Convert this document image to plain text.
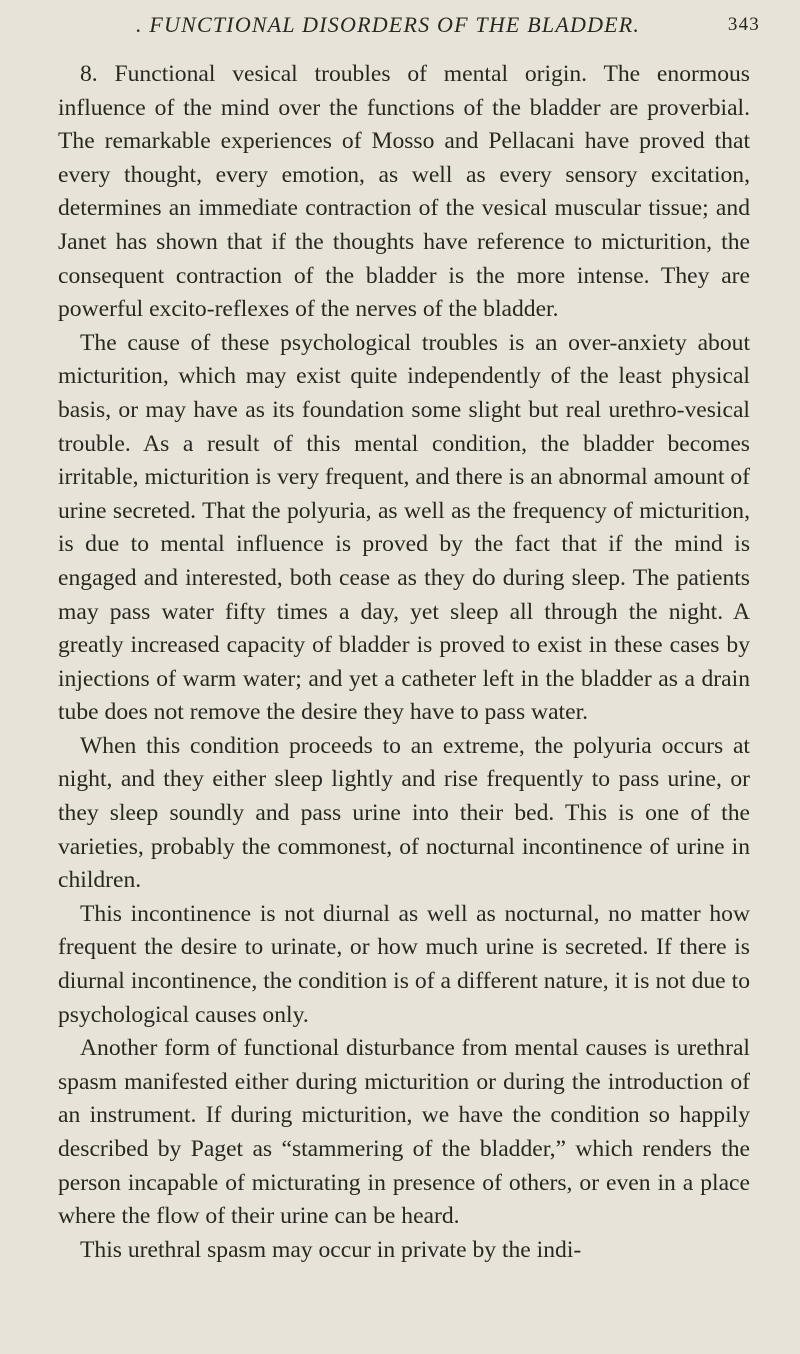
. FUNCTIONAL DISORDERS OF THE BLADDER.	343

8. Functional vesical troubles of mental origin. The enormous influence of the mind over the functions of the bladder are proverbial. The remarkable experiences of Mosso and Pellacani have proved that every thought, every emotion, as well as every sensory excitation, determines an immediate contraction of the vesical muscular tissue; and Janet has shown that if the thoughts have reference to micturition, the consequent contraction of the bladder is the more intense. They are powerful excito-reflexes of the nerves of the bladder.

The cause of these psychological troubles is an over-anxiety about micturition, which may exist quite independently of the least physical basis, or may have as its foundation some slight but real urethro-vesical trouble. As a result of this mental condition, the bladder becomes irritable, micturition is very frequent, and there is an abnormal amount of urine secreted. That the polyuria, as well as the frequency of micturition, is due to mental influence is proved by the fact that if the mind is engaged and interested, both cease as they do during sleep. The patients may pass water fifty times a day, yet sleep all through the night. A greatly increased capacity of bladder is proved to exist in these cases by injections of warm water; and yet a catheter left in the bladder as a drain tube does not remove the desire they have to pass water.

When this condition proceeds to an extreme, the polyuria occurs at night, and they either sleep lightly and rise frequently to pass urine, or they sleep soundly and pass urine into their bed. This is one of the varieties, probably the commonest, of nocturnal incontinence of urine in children.

This incontinence is not diurnal as well as nocturnal, no matter how frequent the desire to urinate, or how much urine is secreted. If there is diurnal incontinence, the condition is of a different nature, it is not due to psychological causes only.

Another form of functional disturbance from mental causes is urethral spasm manifested either during micturition or during the introduction of an instrument. If during micturition, we have the condition so happily described by Paget as “stammering of the bladder,” which renders the person incapable of micturating in presence of others, or even in a place where the flow of their urine can be heard.

This urethral spasm may occur in private by the indi-
